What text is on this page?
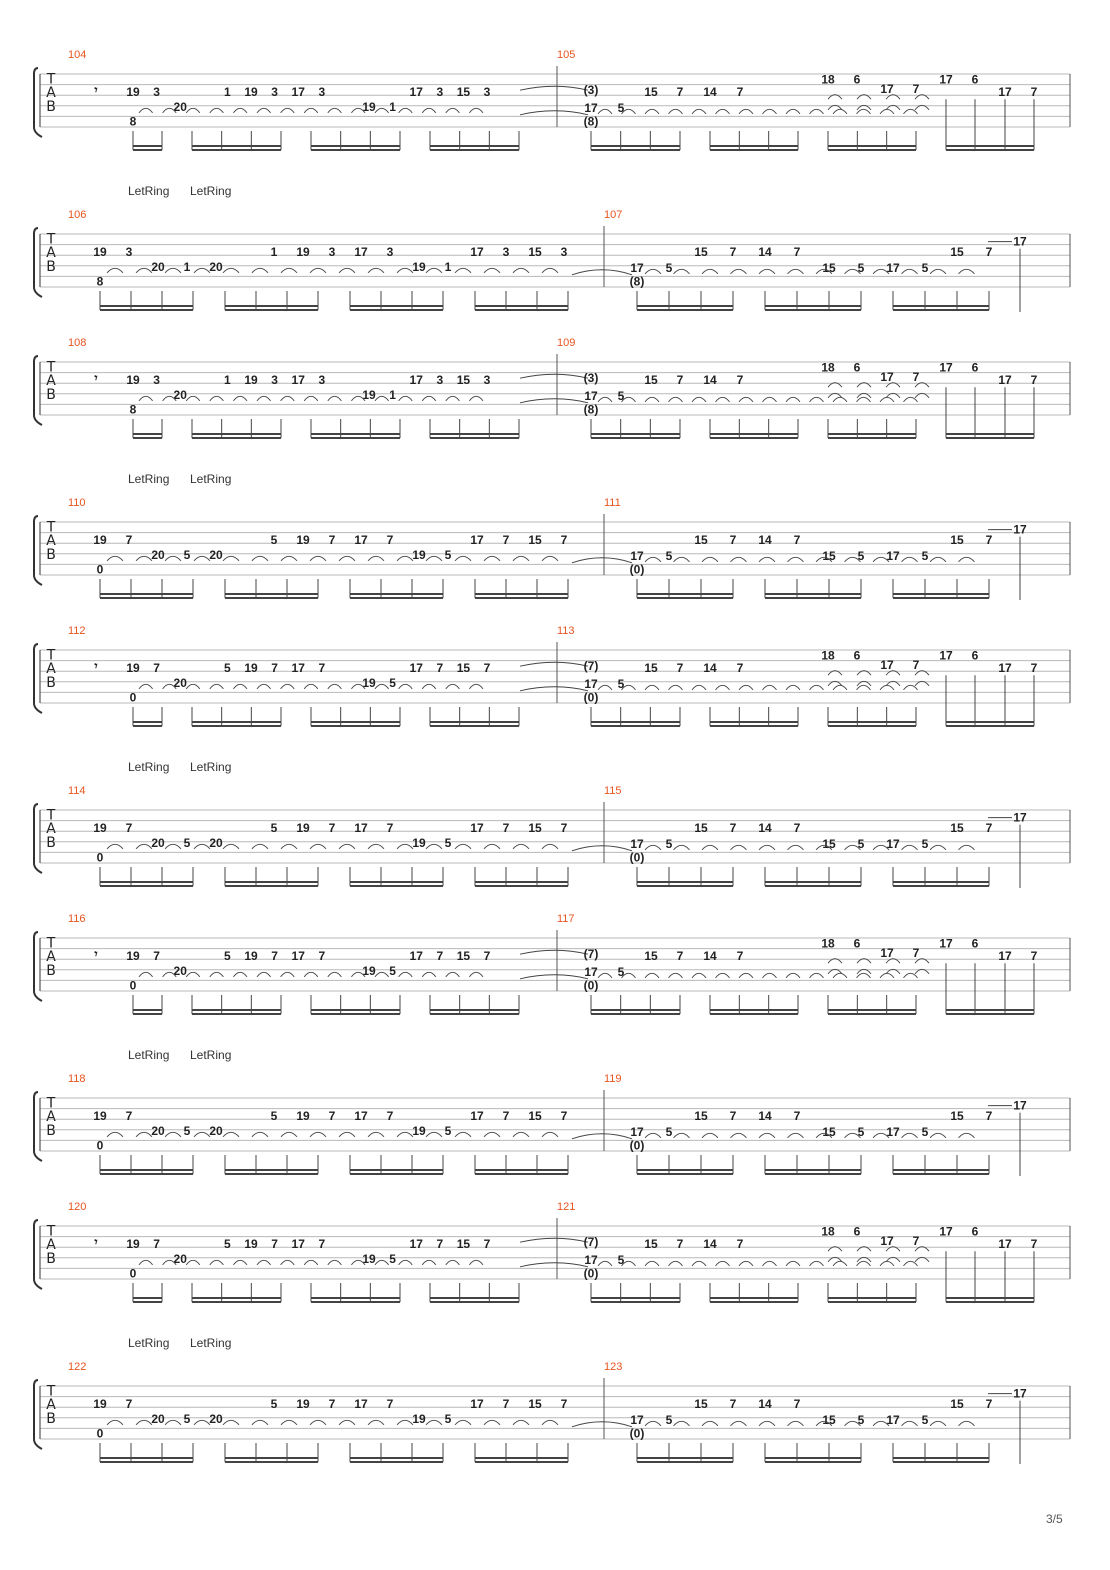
104	105
T
A
B
𝄾
8
19 3
20
1 19 3 17 3
19 1
17 3 15 3	(3)
17
(8)
5
15 7 14 7
18 6
17 7
17 6
17 7
LetRing LetRing
106	107
T
A
B
8
19 3
20 1 20
1 19 3 17 3
19 1
17 3 15 3
(8)
17 5
15 7 14 7
15 5 17 5
15 7
17
108	109
T
A
B
𝄾
8
19 3
20
1 19 3 17 3
19 1
17 3 15 3	(3)
17
(8)
5
15 7 14 7
18 6
17 7
17 6
17 7
LetRing LetRing
110	111
T
A
B
0
19 7
20 5 20
5 19 7 17 7
19 5
17 7 15 7
(0)
17 5
15 7 14 7
15 5 17 5
15 7
17
112	113
T
A
B
𝄾
0
19 7
20
5 19 7 17 7
19 5
17 7 15 7	(7)
17
(0)
5
15 7 14 7
18 6
17 7
17 6
17 7
LetRing LetRing
114	115
T
A
B
0
19 7
20 5 20
5 19 7 17 7
19 5
17 7 15 7
(0)
17 5
15 7 14 7
15 5 17 5
15 7
17
116	117
T
A
B
𝄾
0
19 7
20
5 19 7 17 7
19 5
17 7 15 7	(7)
17
(0)
5
15 7 14 7
18 6
17 7
17 6
17 7
LetRing LetRing
118	119
T
A
B
0
19 7
20 5 20
5 19 7 17 7
19 5
17 7 15 7
(0)
17 5
15 7 14 7
15 5 17 5
15 7
17
120	121
T
A
B
𝄾
0
19 7
20
5 19 7 17 7
19 5
17 7 15 7	(7)
17
(0)
5
15 7 14 7
18 6
17 7
17 6
17 7
LetRing LetRing
122	123
T
A
B
0
19 7
20 5 20
5 19 7 17 7
19 5
17 7 15 7
(0)
17 5
15 7 14 7
15 5 17 5
15 7
17
3/5
